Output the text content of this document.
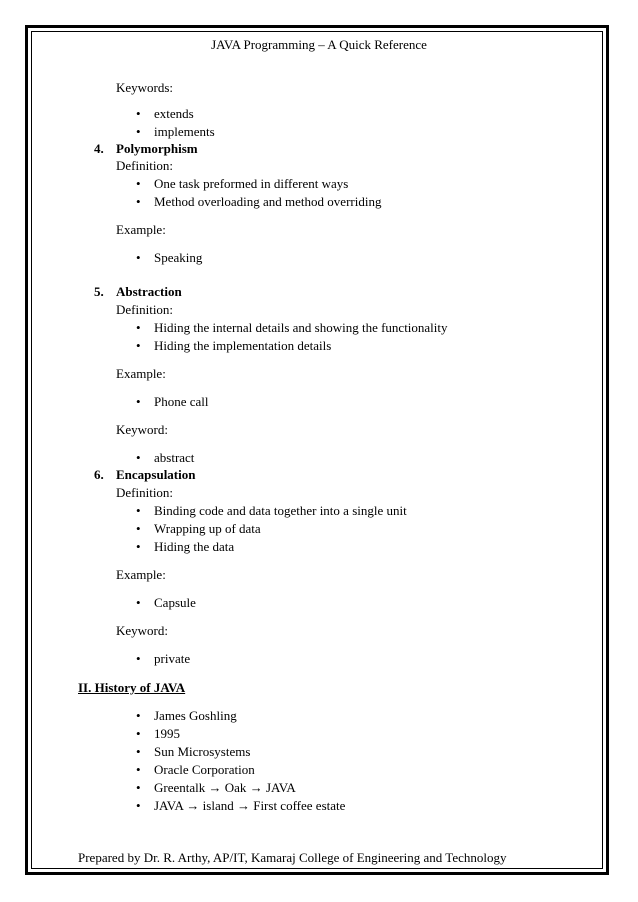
JAVA Programming – A Quick Reference
Keywords:
• extends
• implements
4. Polymorphism
Definition:
• One task preformed in different ways
• Method overloading and method overriding
Example:
• Speaking
5. Abstraction
Definition:
• Hiding the internal details and showing the functionality
• Hiding the implementation details
Example:
• Phone call
Keyword:
• abstract
6. Encapsulation
Definition:
• Binding code and data together into a single unit
• Wrapping up of data
• Hiding the data
Example:
• Capsule
Keyword:
• private
II. History of JAVA
• James Goshling
• 1995
• Sun Microsystems
• Oracle Corporation
• Greentalk → Oak → JAVA
• JAVA → island → First coffee estate
Prepared by Dr. R. Arthy, AP/IT, Kamaraj College of Engineering and Technology
